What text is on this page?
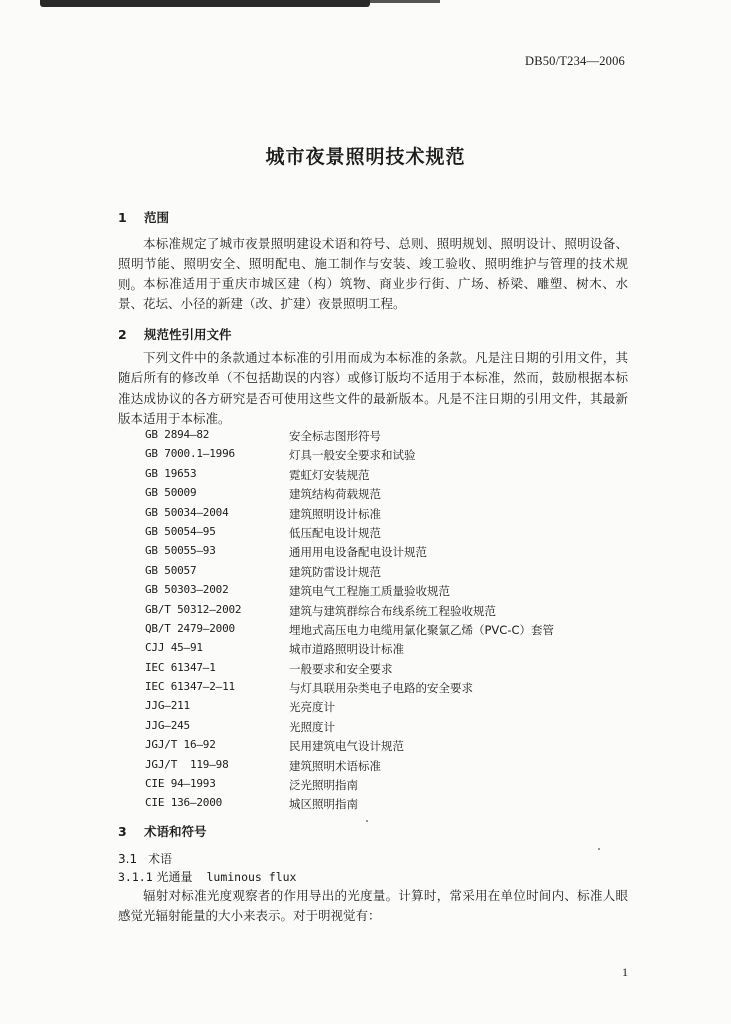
DB50/T234—2006
城市夜景照明技术规范
1 范围
本标准规定了城市夜景照明建设术语和符号、总则、照明规划、照明设计、照明设备、照明节能、照明安全、照明配电、施工制作与安装、竣工验收、照明维护与管理的技术规则。 本标准适用于重庆市城区建（构）筑物、商业步行街、广场、桥梁、雕塑、树木、水景、花坛、小径的新建（改、扩建）夜景照明工程。
2 规范性引用文件
下列文件中的条款通过本标准的引用而成为本标准的条款。凡是注日期的引用文件，其随后所有的修改单（不包括勘误的内容）或修订版均不适用于本标准，然而，鼓励根据本标准达成协议的各方研究是否可使用这些文件的最新版本。凡是不注日期的引用文件，其最新版本适用于本标准。
GB 2894—82	安全标志图形符号
GB 7000.1—1996	灯具一般安全要求和试验
GB 19653	霓虹灯安装规范
GB 50009	建筑结构荷载规范
GB 50034—2004	建筑照明设计标准
GB 50054—95	低压配电设计规范
GB 50055—93	通用用电设备配电设计规范
GB 50057	建筑防雷设计规范
GB 50303—2002	建筑电气工程施工质量验收规范
GB/T 50312—2002	建筑与建筑群综合布线系统工程验收规范
QB/T 2479—2000	埋地式高压电力电缆用氯化聚氯乙烯（PVC-C）套管
CJJ 45—91	城市道路照明设计标准
IEC 61347—1	一般要求和安全要求
IEC 61347—2—11	与灯具联用杂类电子电路的安全要求
JJG—211	光亮度计
JJG—245	光照度计
JGJ/T 16—92	民用建筑电气设计规范
JGJ/T  119—98	建筑照明术语标准
CIE 94—1993	泛光照明指南
CIE 136—2000	城区照明指南
3 术语和符号
3.1 术语
3.1.1 光通量 luminous flux
辐射对标准光度观察者的作用导出的光度量。计算时，常采用在单位时间内、标准人眼感觉光辐射能量的大小来表示。对于明视觉有：
1
